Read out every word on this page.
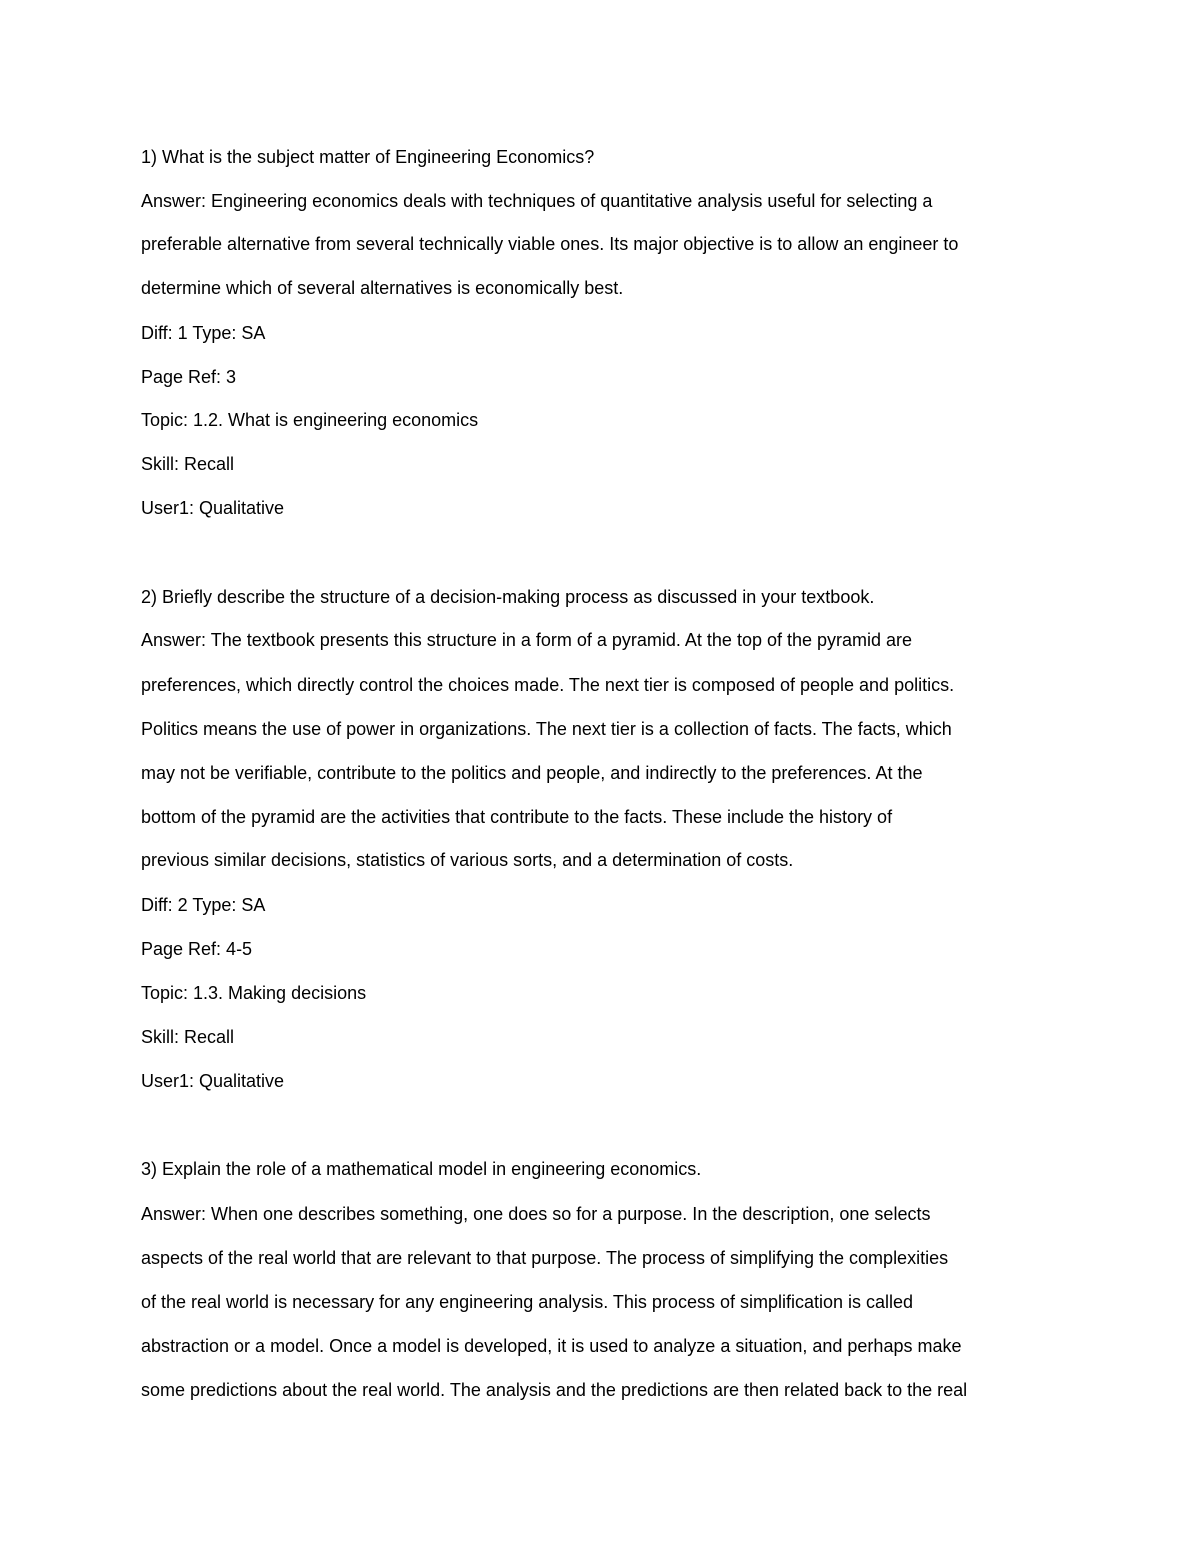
1) What is the subject matter of Engineering Economics?
Answer: Engineering economics deals with techniques of quantitative analysis useful for selecting a
preferable alternative from several technically viable ones. Its major objective is to allow an engineer to
determine which of several alternatives is economically best.
Diff: 1 Type: SA
Page Ref: 3
Topic: 1.2. What is engineering economics
Skill: Recall
User1: Qualitative
2) Briefly describe the structure of a decision-making process as discussed in your textbook.
Answer: The textbook presents this structure in a form of a pyramid. At the top of the pyramid are
preferences, which directly control the choices made. The next tier is composed of people and politics.
Politics means the use of power in organizations. The next tier is a collection of facts. The facts, which
may not be verifiable, contribute to the politics and people, and indirectly to the preferences. At the
bottom of the pyramid are the activities that contribute to the facts. These include the history of
previous similar decisions, statistics of various sorts, and a determination of costs.
Diff: 2 Type: SA
Page Ref: 4-5
Topic: 1.3. Making decisions
Skill: Recall
User1: Qualitative
3) Explain the role of a mathematical model in engineering economics.
Answer: When one describes something, one does so for a purpose. In the description, one selects
aspects of the real world that are relevant to that purpose. The process of simplifying the complexities
of the real world is necessary for any engineering analysis. This process of simplification is called
abstraction or a model. Once a model is developed, it is used to analyze a situation, and perhaps make
some predictions about the real world. The analysis and the predictions are then related back to the real
